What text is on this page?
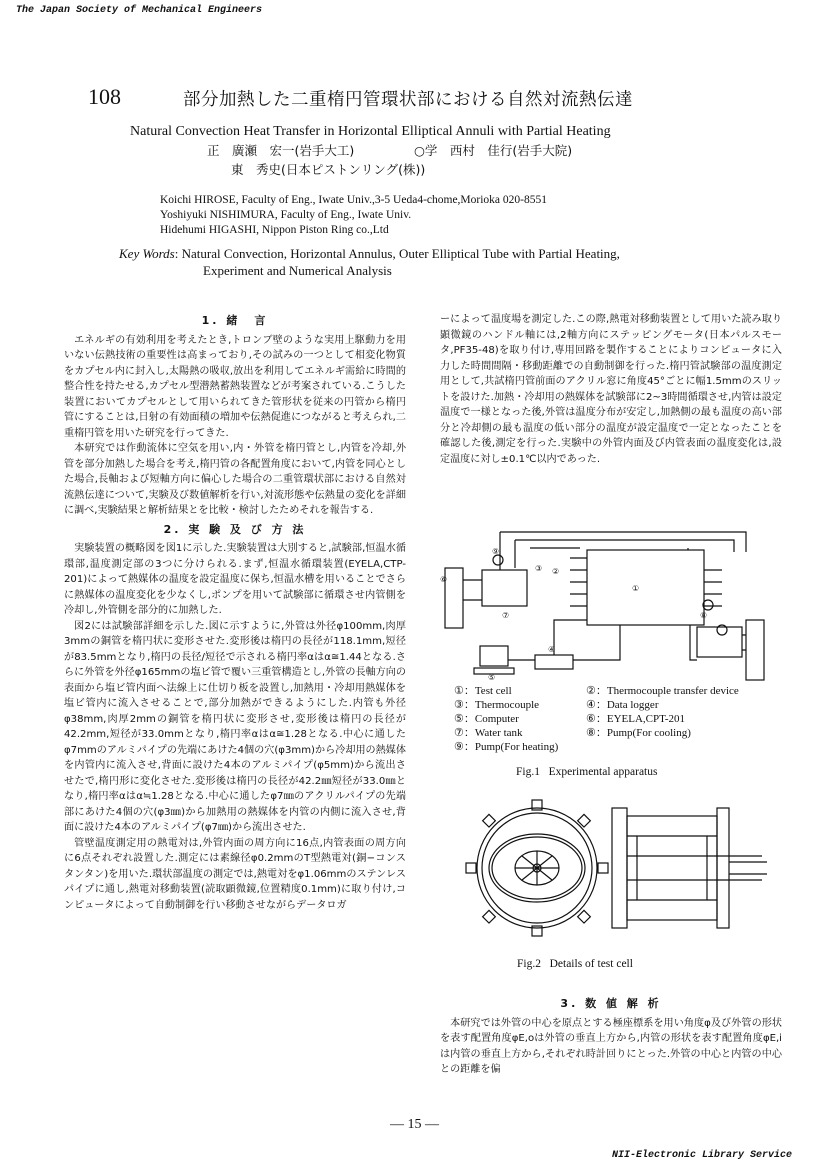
The Japan Society of Mechanical Engineers
108	部分加熱した二重楕円管環状部における自然対流熱伝達
Natural Convection Heat Transfer in Horizontal Elliptical Annuli with Partial Heating
正　廣瀬　宏一(岩手大工)	○学　西村　佳行(岩手大院)
東　秀史(日本ピストンリング(株))
Koichi HIROSE, Faculty of Eng., Iwate Univ.,3-5 Ueda4-chome,Morioka 020-8551
Yoshiyuki NISHIMURA, Faculty of Eng., Iwate Univ.
Hidehumi HIGASHI, Nippon Piston Ring co.,Ltd
Key Words: Natural Convection, Horizontal Annulus, Outer Elliptical Tube with Partial Heating,
Experiment and Numerical Analysis
1. 緒　言

エネルギの有効利用を考えたとき,トロンブ壁のような実用上駆動力を用いない伝熱技術の重要性は高まっており,その試みの一つとして相変化物質をカプセル内に封入し,太陽熱の吸収,放出を利用してエネルギ需給に時間的整合性を持たせる,カプセル型潜熱蓄熱装置などが考案されている.こうした装置においてカプセルとして用いられてきた管形状を従来の円管から楕円管にすることは,日射の有効面積の増加や伝熱促進につながると考えられ,二重楕円管を用いた研究を行ってきた.

本研究では作動流体に空気を用い,内・外管を楕円管とし,内管を冷却,外管を部分加熱した場合を考え,楕円管の各配置角度において,内管を同心とした場合,長軸および短軸方向に偏心した場合の二重管環状部における自然対流熱伝達について,実験及び数値解析を行い,対流形態や伝熱量の変化を詳細に調べ,実験結果と解析結果とを比較・検討したためそれを報告する.

2. 実 験 及 び 方 法

実験装置の概略図を図1に示した.実験装置は大別すると,試験部,恒温水循環部,温度測定部の3つに分けられる.まず,恒温水循環装置(EYELA,CTP-201)によって熱媒体の温度を設定温度に保ち,恒温水槽を用いることでさらに熱媒体の温度変化を少なくし,ポンプを用いて試験部に循環させ内管側を冷却し,外管側を部分的に加熱した.

図2には試験部詳細を示した.図に示すように,外管は外径φ100mm,肉厚3mmの銅管を楕円状に変形させた.変形後は楕円の長径が118.1mm,短径が83.5mmとなり,楕円の長径/短径で示される楕円率αはα≅1.44となる.さらに外管を外径φ165mmの塩ビ管で覆い三重管構造とし,外管の長軸方向の表面から塩ビ管内面へ法線上に仕切り板を設置し,加熱用・冷却用熱媒体を塩ビ管内に流入させることで,部分加熱ができるようにした.内管も外径φ38mm,肉厚2mmの銅管を楕円状に変形させ,変形後は楕円の長径が42.2mm,短径が33.0mmとなり,楕円率αはα≅1.28となる.中心に通したφ7mmのアルミパイプの先端にあけた4個の穴(φ3mm)から冷却用の熱媒体を内管内に流入させ,背面に設けた4本のアルミパイプ(φ5mm)から流出させたで,楕円形に変化させた.変形後は楕円の長径が42.2㎜短径が33.0㎜となり,楕円率αはα≒1.28となる.中心に通したφ7㎜のアクリルパイプの先端部にあけた4個の穴(φ3㎜)から加熱用の熱媒体を内管の内側に流入させ,背面に設けた4本のアルミパイプ(φ7㎜)から流出させた.

管壁温度測定用の熱電対は,外管内面の周方向に16点,内管表面の周方向に6点それぞれ設置した.測定には素線径φ0.2mmのT型熱電対(銅−コンスタンタン)を用いた.環状部温度の測定では,熱電対をφ1.06mmのステンレスパイプに通し,熱電対移動装置(読取顕微鏡,位置精度0.1mm)に取り付け,コンピュータによって自動制御を行い移動させながらデータロガ

ーによって温度場を測定した.この際,熱電対移動装置として用いた読み取り顕微鏡のハンドル軸には,2軸方向にステッピングモータ(日本パルスモータ,PF35-48)を取り付け,専用回路を製作することによりコンピュータに入力した時間間隔・移動距離での自動制御を行った.楕円管試験部の温度測定用として,共試楕円管前面のアクリル窓に角度45°ごとに幅1.5mmのスリットを設けた.加熱・冷却用の熱媒体を試験部に2~3時間循環させ,内管は設定温度で一様となった後,外管は温度分布が安定し,加熱側の最も温度の高い部分と冷却側の最も温度の低い部分の温度が設定温度で一定となったことを確認した後,測定を行った.実験中の外管内面及び内管表面の温度変化は,設定温度に対し±0.1℃以内であった.

①
②
③
④
⑤
⑥
⑦	⑧
⑨
①：Test cell	②：Thermocouple transfer device
③：Thermocouple	④：Data logger
⑤：Computer	⑥：EYELA,CPT-201
⑦：Water tank	⑧：Pump(For cooling)
⑨：Pump(For heating)
Fig.1 Experimental apparatus
Fig.2 Details of test cell
3. 数 値 解 析

本研究では外管の中心を原点とする極座標系を用い角度φ及び外管の形状を表す配置角度φE,oは外管の垂直上方から,内管の形状を表す配置角度φE,iは内管の垂直上方から,それぞれ時計回りにとった.外管の中心と内管の中心との距離を偏

— 15 —
NII-Electronic Library Service
